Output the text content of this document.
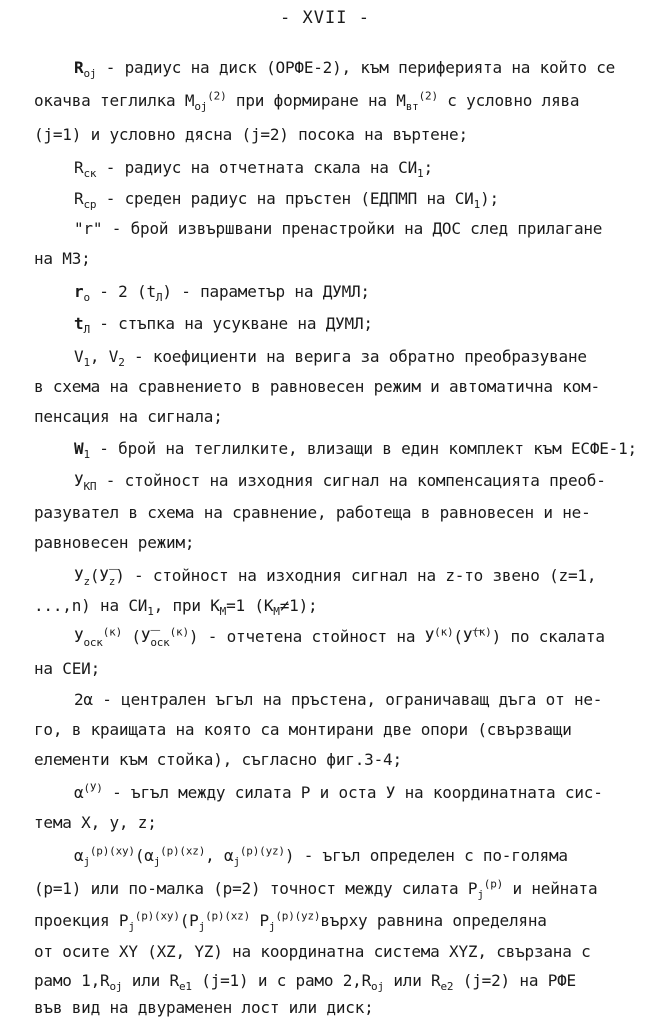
- XVII -
$R_{oj}$ - радиус на диск (ОРФЕ-2), към периферията на който се
окачва теглилка $M_{oj}^{(2)}$ при формиране на $M_{вт}^{(2)}$ с условно лява
(j=1) и условно дясна (j=2) посока на въртене;
$R_{ск}$ - радиус на отчетната скала на $СИ_1$;
$R_{ср}$ - среден радиус на пръстен (ЕДПМП на $СИ_1$);
"r" - брой извършвани пренастройки на ДОС след прилагане
на МЗ;
$r_o - 2$ $(t_Л)$ - параметър на ДУМЛ;
$t_Л$ - стъпка на усукване на ДУМЛ;
$V_1$, $V_2$ - коефициенти на верига за обратно преобразуване
в схема на сравнението в равновесен режим и автоматична ком-
пенсация на сигнала;
$W_1$ - брой на теглилките, влизащи в един комплект към ЕСФЕ-1;
$У_{КП}$ - стойност на изходния сигнал на компенсацията преоб-
разувател в схема на сравнение, работеща в равновесен и не-
равновесен режим;
$У_z(У̅_z)$ - стойност на изходния сигнал на z-то звено (z=1,
...,n) на $СИ_1$, при $K_M=1$ $(K_M\ne 1)$;
$У_{оск}^{(к)}$ $(У̅_{оск}^{(к)})$ - отчетена стойност на $У^{(к)}(У̅^{(к)})$ по скалата
на СЕИ;
2α - централен ъгъл на пръстена, ограничаващ дъга от не-
го, в краищата на която са монтирани две опори (свързващи
елементи към стойка), съгласно фиг.3-4;
$\alpha^{(У)}$ - ъгъл между силата Р и оста У на координатната сис-
тема X, y, z;
$\alpha_j^{(p)(xy)}(\alpha_j^{(p)(xz)}$, $\alpha_j^{(p)(yz)}$) - ъгъл определен с по-голяма
(p=1) или по-малка (p=2) точност между силата $P_j^{(p)}$ и нейната
проекция $P_j^{(p)(xy)}(P_j^{(p)(xz)}$ $P_j^{(p)(yz)}върху$ равнина определяна
от осите XY (XZ, YZ) на координатна система XYZ, свързана с
рамо $1,R_{oj}$ или $R_{e1}$ (j=1) и с рамо $2,R_{oj}$ или $R_{e2}$ (j=2) на РФЕ
във вид на двураменен лост или диск;
